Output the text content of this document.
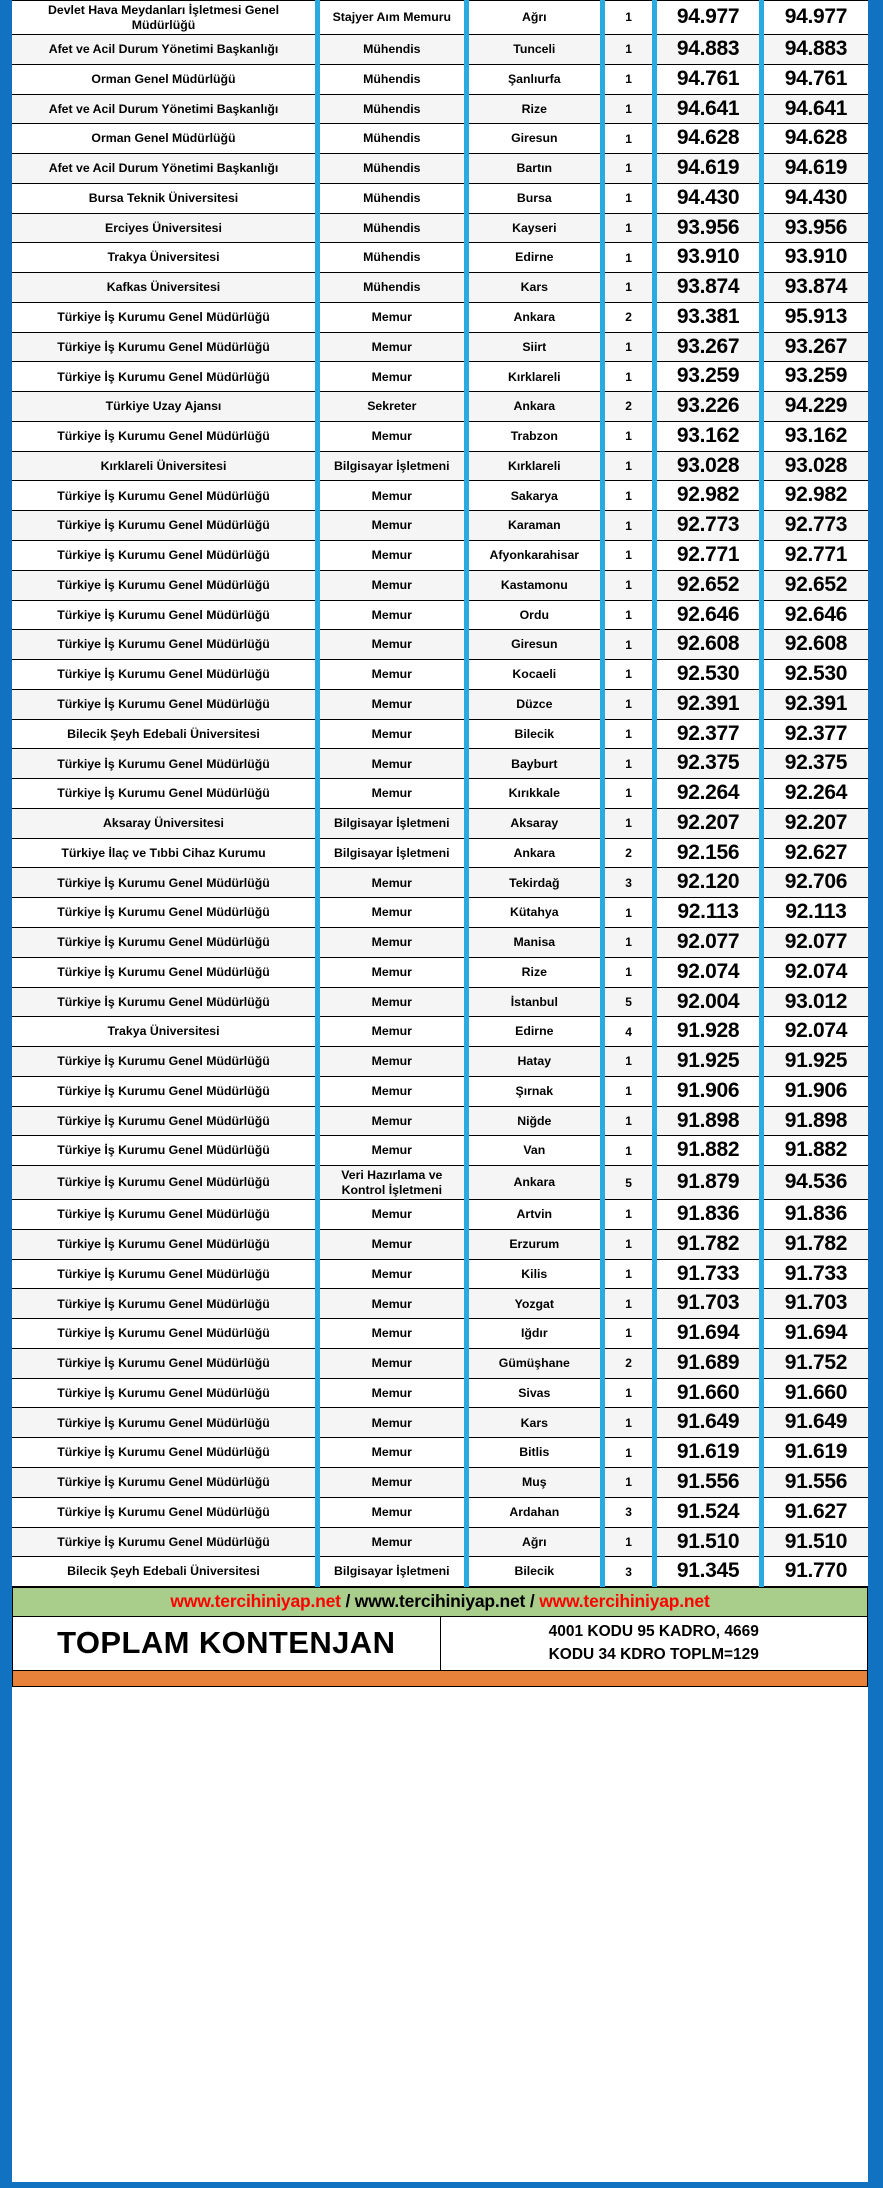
Devlet Hava Meydanları İşletmesi Genel Müdürlüğü	Stajyer Aım Memuru	Ağrı	1	94.977	94.977
Afet ve Acil Durum Yönetimi Başkanlığı	Mühendis	Tunceli	1	94.883	94.883
Orman Genel Müdürlüğü	Mühendis	Şanlıurfa	1	94.761	94.761
Afet ve Acil Durum Yönetimi Başkanlığı	Mühendis	Rize	1	94.641	94.641
Orman Genel Müdürlüğü	Mühendis	Giresun	1	94.628	94.628
Afet ve Acil Durum Yönetimi Başkanlığı	Mühendis	Bartın	1	94.619	94.619
Bursa Teknik Üniversitesi	Mühendis	Bursa	1	94.430	94.430
Erciyes Üniversitesi	Mühendis	Kayseri	1	93.956	93.956
Trakya Üniversitesi	Mühendis	Edirne	1	93.910	93.910
Kafkas Üniversitesi	Mühendis	Kars	1	93.874	93.874
Türkiye İş Kurumu Genel Müdürlüğü	Memur	Ankara	2	93.381	95.913
Türkiye İş Kurumu Genel Müdürlüğü	Memur	Siirt	1	93.267	93.267
Türkiye İş Kurumu Genel Müdürlüğü	Memur	Kırklareli	1	93.259	93.259
Türkiye Uzay Ajansı	Sekreter	Ankara	2	93.226	94.229
Türkiye İş Kurumu Genel Müdürlüğü	Memur	Trabzon	1	93.162	93.162
Kırklareli Üniversitesi	Bilgisayar İşletmeni	Kırklareli	1	93.028	93.028
Türkiye İş Kurumu Genel Müdürlüğü	Memur	Sakarya	1	92.982	92.982
Türkiye İş Kurumu Genel Müdürlüğü	Memur	Karaman	1	92.773	92.773
Türkiye İş Kurumu Genel Müdürlüğü	Memur	Afyonkarahisar	1	92.771	92.771
Türkiye İş Kurumu Genel Müdürlüğü	Memur	Kastamonu	1	92.652	92.652
Türkiye İş Kurumu Genel Müdürlüğü	Memur	Ordu	1	92.646	92.646
Türkiye İş Kurumu Genel Müdürlüğü	Memur	Giresun	1	92.608	92.608
Türkiye İş Kurumu Genel Müdürlüğü	Memur	Kocaeli	1	92.530	92.530
Türkiye İş Kurumu Genel Müdürlüğü	Memur	Düzce	1	92.391	92.391
Bilecik Şeyh Edebali Üniversitesi	Memur	Bilecik	1	92.377	92.377
Türkiye İş Kurumu Genel Müdürlüğü	Memur	Bayburt	1	92.375	92.375
Türkiye İş Kurumu Genel Müdürlüğü	Memur	Kırıkkale	1	92.264	92.264
Aksaray Üniversitesi	Bilgisayar İşletmeni	Aksaray	1	92.207	92.207
Türkiye İlaç ve Tıbbi Cihaz Kurumu	Bilgisayar İşletmeni	Ankara	2	92.156	92.627
Türkiye İş Kurumu Genel Müdürlüğü	Memur	Tekirdağ	3	92.120	92.706
Türkiye İş Kurumu Genel Müdürlüğü	Memur	Kütahya	1	92.113	92.113
Türkiye İş Kurumu Genel Müdürlüğü	Memur	Manisa	1	92.077	92.077
Türkiye İş Kurumu Genel Müdürlüğü	Memur	Rize	1	92.074	92.074
Türkiye İş Kurumu Genel Müdürlüğü	Memur	İstanbul	5	92.004	93.012
Trakya Üniversitesi	Memur	Edirne	4	91.928	92.074
Türkiye İş Kurumu Genel Müdürlüğü	Memur	Hatay	1	91.925	91.925
Türkiye İş Kurumu Genel Müdürlüğü	Memur	Şırnak	1	91.906	91.906
Türkiye İş Kurumu Genel Müdürlüğü	Memur	Niğde	1	91.898	91.898
Türkiye İş Kurumu Genel Müdürlüğü	Memur	Van	1	91.882	91.882
Türkiye İş Kurumu Genel Müdürlüğü	Veri Hazırlama ve Kontrol İşletmeni	Ankara	5	91.879	94.536
Türkiye İş Kurumu Genel Müdürlüğü	Memur	Artvin	1	91.836	91.836
Türkiye İş Kurumu Genel Müdürlüğü	Memur	Erzurum	1	91.782	91.782
Türkiye İş Kurumu Genel Müdürlüğü	Memur	Kilis	1	91.733	91.733
Türkiye İş Kurumu Genel Müdürlüğü	Memur	Yozgat	1	91.703	91.703
Türkiye İş Kurumu Genel Müdürlüğü	Memur	Iğdır	1	91.694	91.694
Türkiye İş Kurumu Genel Müdürlüğü	Memur	Gümüşhane	2	91.689	91.752
Türkiye İş Kurumu Genel Müdürlüğü	Memur	Sivas	1	91.660	91.660
Türkiye İş Kurumu Genel Müdürlüğü	Memur	Kars	1	91.649	91.649
Türkiye İş Kurumu Genel Müdürlüğü	Memur	Bitlis	1	91.619	91.619
Türkiye İş Kurumu Genel Müdürlüğü	Memur	Muş	1	91.556	91.556
Türkiye İş Kurumu Genel Müdürlüğü	Memur	Ardahan	3	91.524	91.627
Türkiye İş Kurumu Genel Müdürlüğü	Memur	Ağrı	1	91.510	91.510
Bilecik Şeyh Edebali Üniversitesi	Bilgisayar İşletmeni	Bilecik	3	91.345	91.770
www.tercihiniyap.net / www.tercihiniyap.net / www.tercihiniyap.net
TOPLAM KONTENJAN	4001 KODU 95 KADRO, 4669
KODU 34 KDRO TOPLM=129
